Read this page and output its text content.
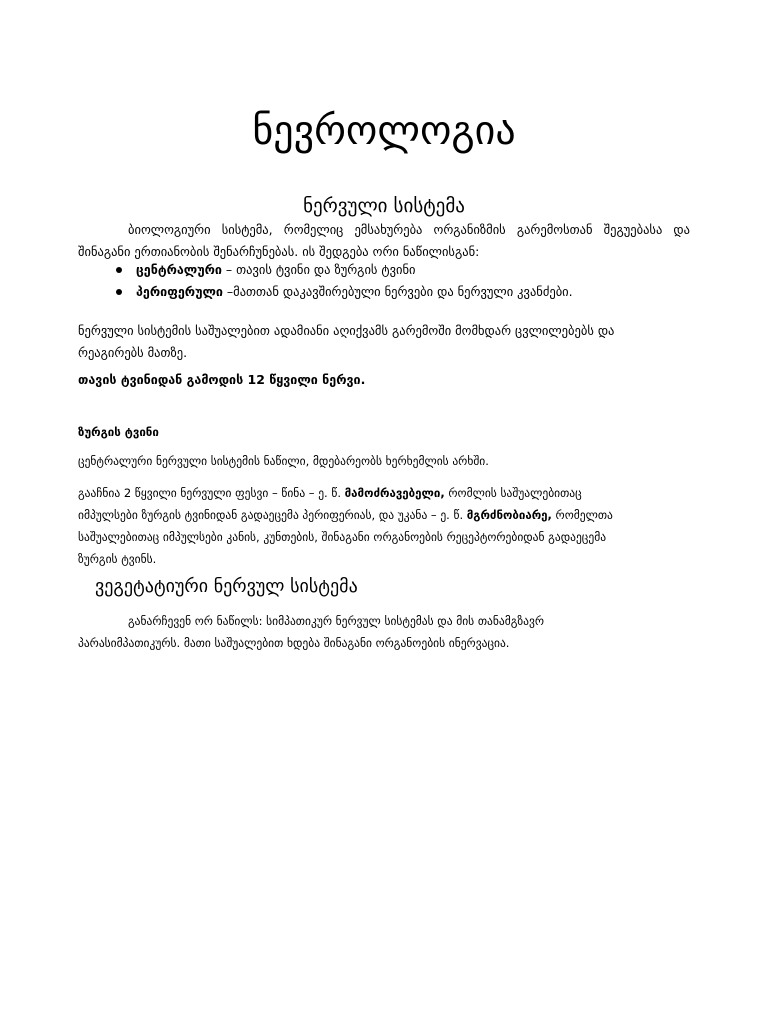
ნევროლოგია
ნერვული სისტემა

ბიოლოგიური სისტემა, რომელიც ემსახურება ორგანიზმის გარემოსთან შეგუებასა და შინაგანი ერთიანობის შენარჩუნებას. ის შედგება ორი ნაწილისგან:

ცენტრალური – თავის ტვინი და ზურგის ტვინი
პერიფერული –მათთან დაკავშირებული ნერვები და ნერვული კვანძები.

ნერვული სისტემის საშუალებით ადამიანი აღიქვამს გარემოში მომხდარ ცვლილებებს და რეაგირებს მათზე.

თავის ტვინიდან გამოდის 12 წყვილი ნერვი.

ზურგის ტვინი

ცენტრალური ნერვული სისტემის ნაწილი, მდებარეობს ხერხემლის არხში.

გააჩნია 2 წყვილი ნერვული ფესვი – წინა – ე. წ. მამოძრავებელი, რომლის საშუალებითაც იმპულსები ზურგის ტვინიდან გადაეცემა პერიფერიას, და უკანა – ე. წ. მგრძნობიარე, რომელთა საშუალებითაც იმპულსები კანის, კუნთების, შინაგანი ორგანოების რეცეპტორებიდან გადაეცემა ზურგის ტვინს.

ვეგეტატიური ნერვულ სისტემა

განარჩევენ ორ ნაწილს: სიმპათიკურ ნერვულ სისტემას და მის თანამგზავრ პარასიმპათიკურს. მათი საშუალებით ხდება შინაგანი ორგანოების ინერვაცია.
